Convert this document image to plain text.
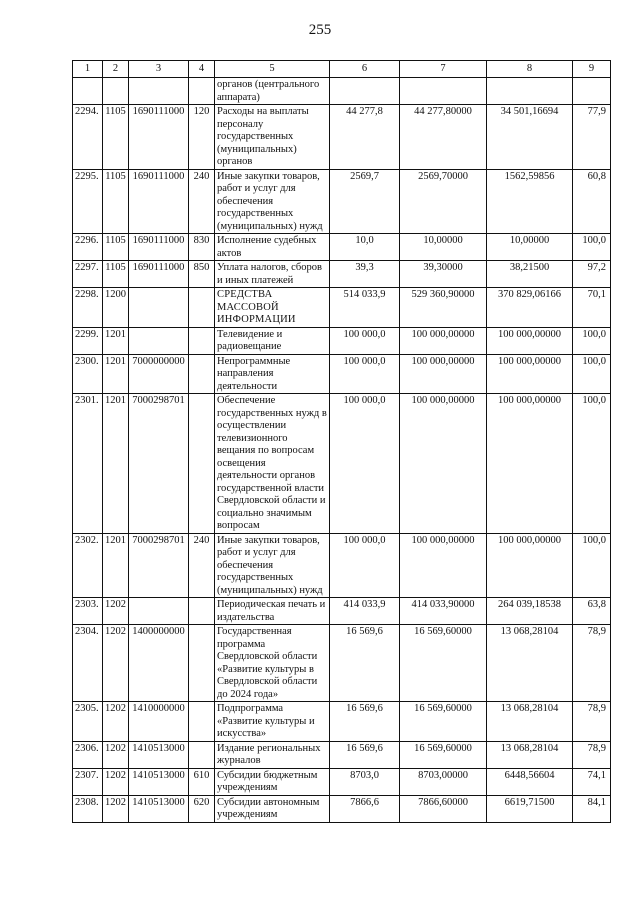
255
1	2	3	4	5	6	7	8	9
				органов (центрального аппарата)				
2294.	1105	1690111000	120	Расходы на выплаты персоналу государственных (муниципальных) органов	44 277,8	44 277,80000	34 501,16694	77,9
2295.	1105	1690111000	240	Иные закупки товаров, работ и услуг для обеспечения государственных (муниципальных) нужд	2569,7	2569,70000	1562,59856	60,8
2296.	1105	1690111000	830	Исполнение судебных актов	10,0	10,00000	10,00000	100,0
2297.	1105	1690111000	850	Уплата налогов, сборов и иных платежей	39,3	39,30000	38,21500	97,2
2298.	1200			СРЕДСТВА МАССОВОЙ ИНФОРМАЦИИ	514 033,9	529 360,90000	370 829,06166	70,1
2299.	1201			Телевидение и радиовещание	100 000,0	100 000,00000	100 000,00000	100,0
2300.	1201	7000000000		Непрограммные направления деятельности	100 000,0	100 000,00000	100 000,00000	100,0
2301.	1201	7000298701		Обеспечение государственных нужд в осуществлении телевизионного вещания по вопросам освещения деятельности органов государственной власти Свердловской области и социально значимым вопросам	100 000,0	100 000,00000	100 000,00000	100,0
2302.	1201	7000298701	240	Иные закупки товаров, работ и услуг для обеспечения государственных (муниципальных) нужд	100 000,0	100 000,00000	100 000,00000	100,0
2303.	1202			Периодическая печать и издательства	414 033,9	414 033,90000	264 039,18538	63,8
2304.	1202	1400000000		Государственная программа Свердловской области «Развитие культуры в Свердловской области до 2024 года»	16 569,6	16 569,60000	13 068,28104	78,9
2305.	1202	1410000000		Подпрограмма «Развитие культуры и искусства»	16 569,6	16 569,60000	13 068,28104	78,9
2306.	1202	1410513000		Издание региональных журналов	16 569,6	16 569,60000	13 068,28104	78,9
2307.	1202	1410513000	610	Субсидии бюджетным учреждениям	8703,0	8703,00000	6448,56604	74,1
2308.	1202	1410513000	620	Субсидии автономным учреждениям	7866,6	7866,60000	6619,71500	84,1
